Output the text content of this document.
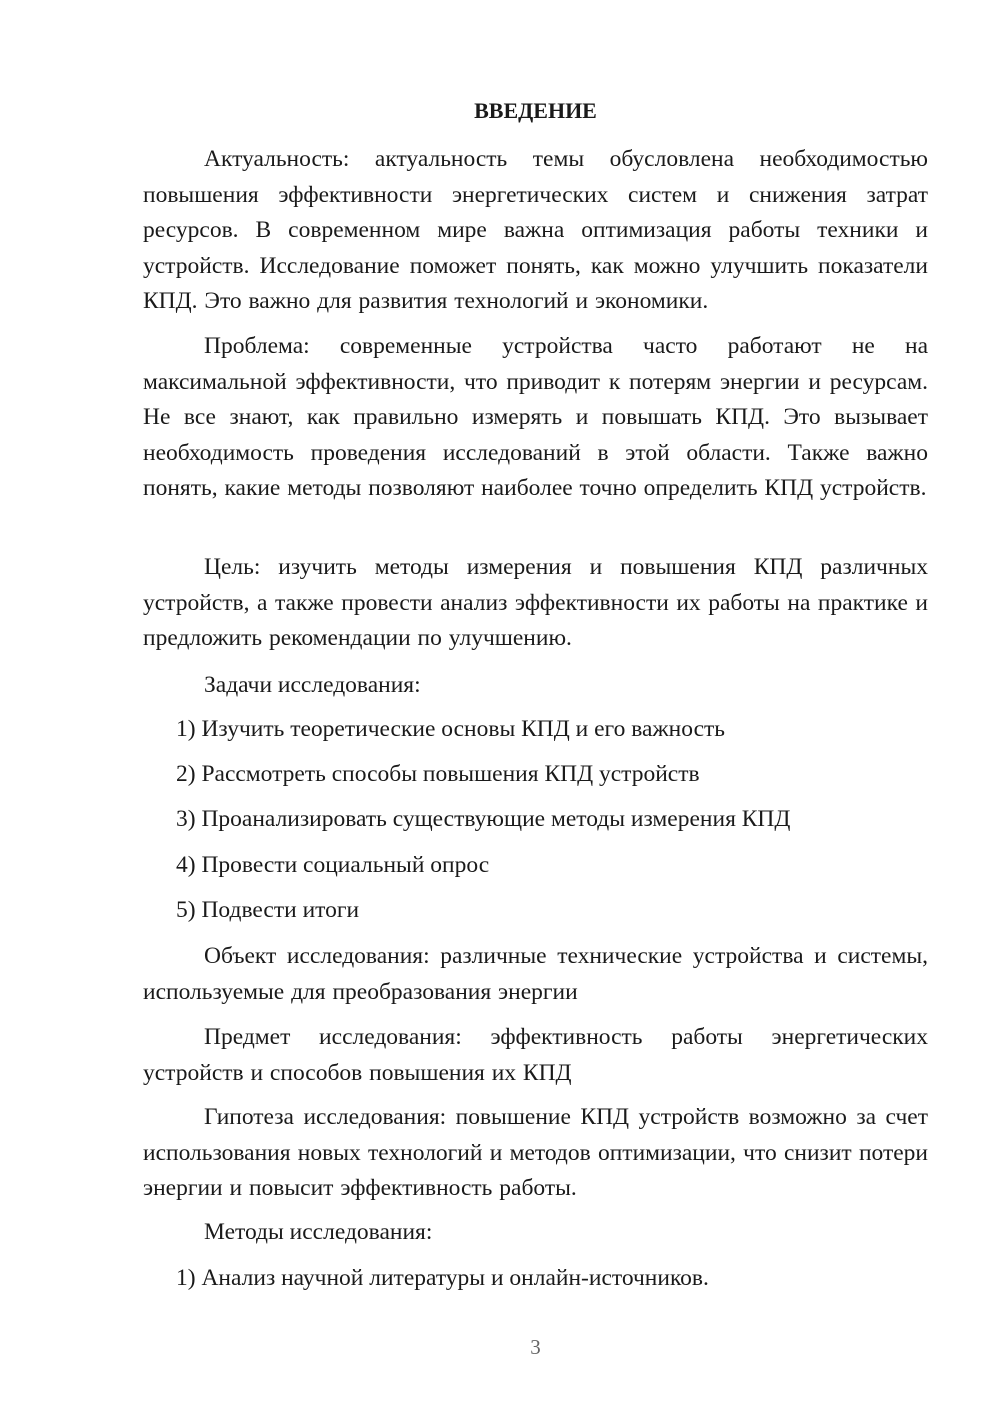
ВВЕДЕНИЕ

Актуальность: актуальность темы обусловлена необходимостью повышения эффективности энергетических систем и снижения затрат ресурсов. В современном мире важна оптимизация работы техники и устройств. Исследование поможет понять, как можно улучшить показатели КПД. Это важно для развития технологий и экономики.

Проблема: современные устройства часто работают не на максимальной эффективности, что приводит к потерям энергии и ресурсам. Не все знают, как правильно измерять и повышать КПД. Это вызывает необходимость проведения исследований в этой области. Также важно понять, какие методы позволяют наиболее точно определить КПД устройств.

Цель: изучить методы измерения и повышения КПД различных устройств, а также провести анализ эффективности их работы на практике и предложить рекомендации по улучшению.

Задачи исследования:

1) Изучить теоретические основы КПД и его важность

2) Рассмотреть способы повышения КПД устройств

3) Проанализировать существующие методы измерения КПД

4) Провести социальный опрос

5) Подвести итоги

Объект исследования: различные технические устройства и системы, используемые для преобразования энергии

Предмет исследования: эффективность работы энергетических устройств и способов повышения их КПД

Гипотеза исследования: повышение КПД устройств возможно за счет использования новых технологий и методов оптимизации, что снизит потери энергии и повысит эффективность работы.

Методы исследования:

1) Анализ научной литературы и онлайн-источников.

3
